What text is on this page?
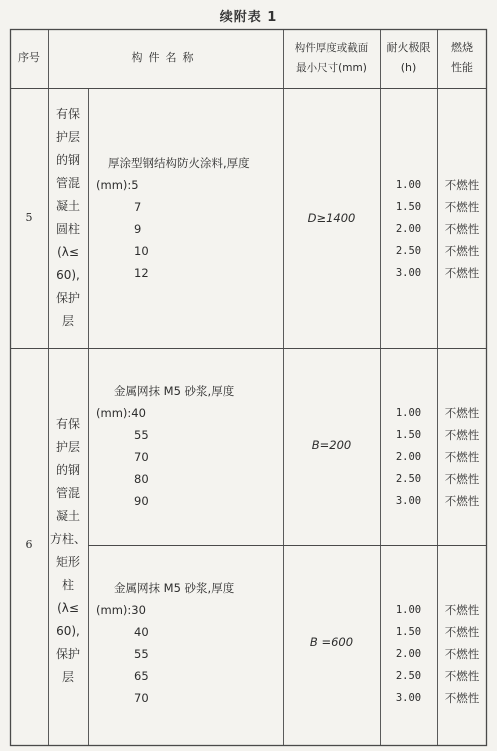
续附表 1
序号	构件名称
构件厚度或截面
最小尺寸(mm)
耐火极限
(h)
燃烧
性能
5
有保
护层
的钢
管混
凝土
圆柱
(λ≤
60),
保护
层
厚涂型钢结构防火涂料,厚度
(mm):5
7
9
10
12
D≥1400
1.00
1.50
2.00
2.50
3.00
不燃性
不燃性
不燃性
不燃性
不燃性
6
有保
护层
的钢
管混
凝土
方柱、
矩形
柱
(λ≤
60),
保护
层
金属网抹 M5 砂浆,厚度
(mm):40
55
70
80
90
B=200
1.00
1.50
2.00
2.50
3.00
不燃性
不燃性
不燃性
不燃性
不燃性
金属网抹 M5 砂浆,厚度
(mm):30
40
55
65
70
B =600
1.00
1.50
2.00
2.50
3.00
不燃性
不燃性
不燃性
不燃性
不燃性
